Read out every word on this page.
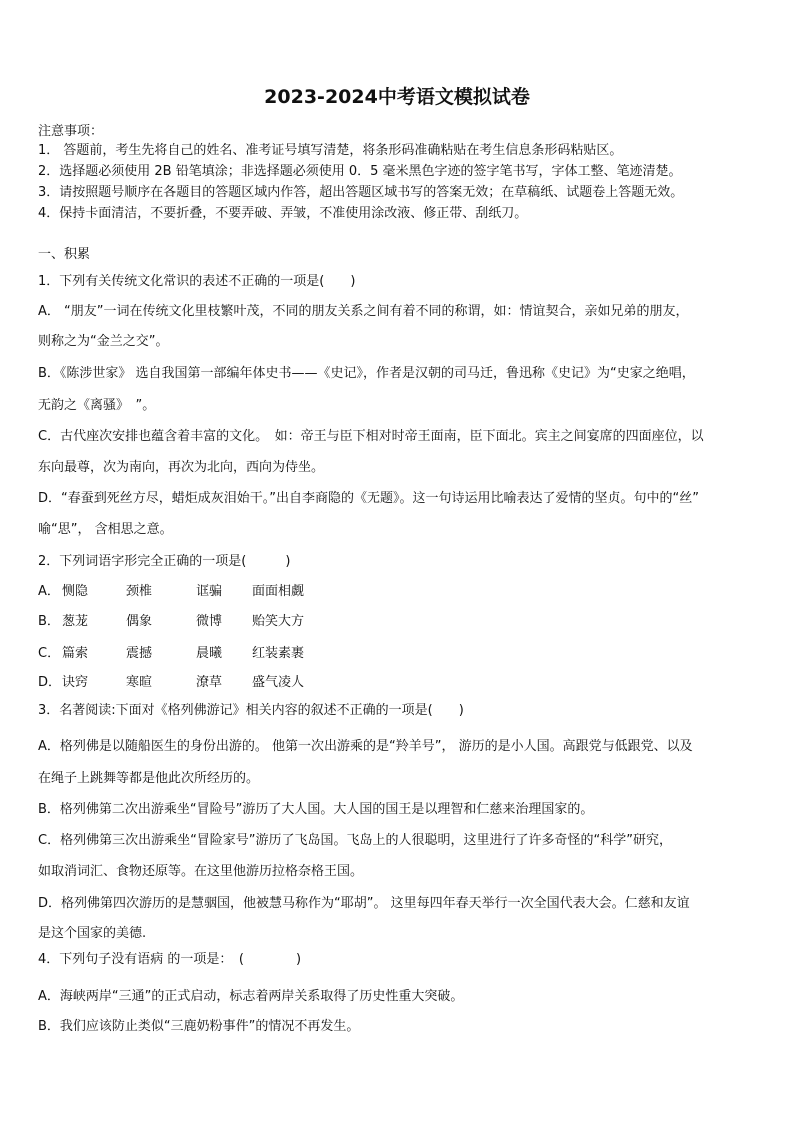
2023-2024中考语文模拟试卷
注意事项：
1． 答题前，考生先将自己的姓名、准考证号填写清楚，将条形码准确粘贴在考生信息条形码粘贴区。
2．选择题必须使用 2B 铅笔填涂；非选择题必须使用 0．5 毫米黑色字迹的签字笔书写，字体工整、笔迹清楚。
3．请按照题号顺序在各题目的答题区域内作答，超出答题区域书写的答案无效；在草稿纸、试题卷上答题无效。
4．保持卡面清洁，不要折叠，不要弄破、弄皱，不准使用涂改液、修正带、刮纸刀。
一、积累
1．下列有关传统文化常识的表述不正确的一项是(　　)
A． “朋友”一词在传统文化里枝繁叶茂，不同的朋友关系之间有着不同的称谓，如：情谊契合，亲如兄弟的朋友，
则称之为“金兰之交”。
B．《陈涉世家》 选自我国第一部编年体史书——《史记》，作者是汉朝的司马迁，鲁迅称《史记》为“史家之绝唱，
无韵之《离骚》　”。
C．古代座次安排也蕴含着丰富的文化。　如：帝王与臣下相对时帝王面南，臣下面北。宾主之间宴席的四面座位，以
东向最尊，次为南向，再次为北向，西向为侍坐。
D．“春蚕到死丝方尽，蜡炬成灰泪始干。”出自李商隐的《无题》。这一句诗运用比喻表达了爱情的坚贞。句中的“丝”
喻“思”， 含相思之意。
2．下列词语字形完全正确的一项是(　　　)
A． 恻隐	颈椎	诓骗 面面相觑
B． 葱茏	偶象	微博 贻笑大方
C． 篇索	震撼	晨曦 红装素裹
D． 诀窍	寒暄	潦草 盛气凌人
3．名著阅读:下面对《格列佛游记》相关内容的叙述不正确的一项是(　　)
A．格列佛是以随船医生的身份出游的。 他第一次出游乘的是“羚羊号”， 游历的是小人国。高跟党与低跟党、以及
在绳子上跳舞等都是他此次所经历的。
B．格列佛第二次出游乘坐“冒险号”游历了大人国。大人国的国王是以理智和仁慈来治理国家的。
C．格列佛第三次出游乘坐“冒险家号”游历了飞岛国。飞岛上的人很聪明，这里进行了许多奇怪的“科学”研究，
如取消词汇、食物还原等。在这里他游历拉格奈格王国。
D．格列佛第四次游历的是慧骃国，他被慧马称作为“耶胡”。 这里每四年春天举行一次全国代表大会。仁慈和友谊
是这个国家的美德.
4．下列句子没有语病 的一项是：　(　　　　)
A．海峡两岸“三通”的正式启动，标志着两岸关系取得了历史性重大突破。
B．我们应该防止类似“三鹿奶粉事件”的情况不再发生。
